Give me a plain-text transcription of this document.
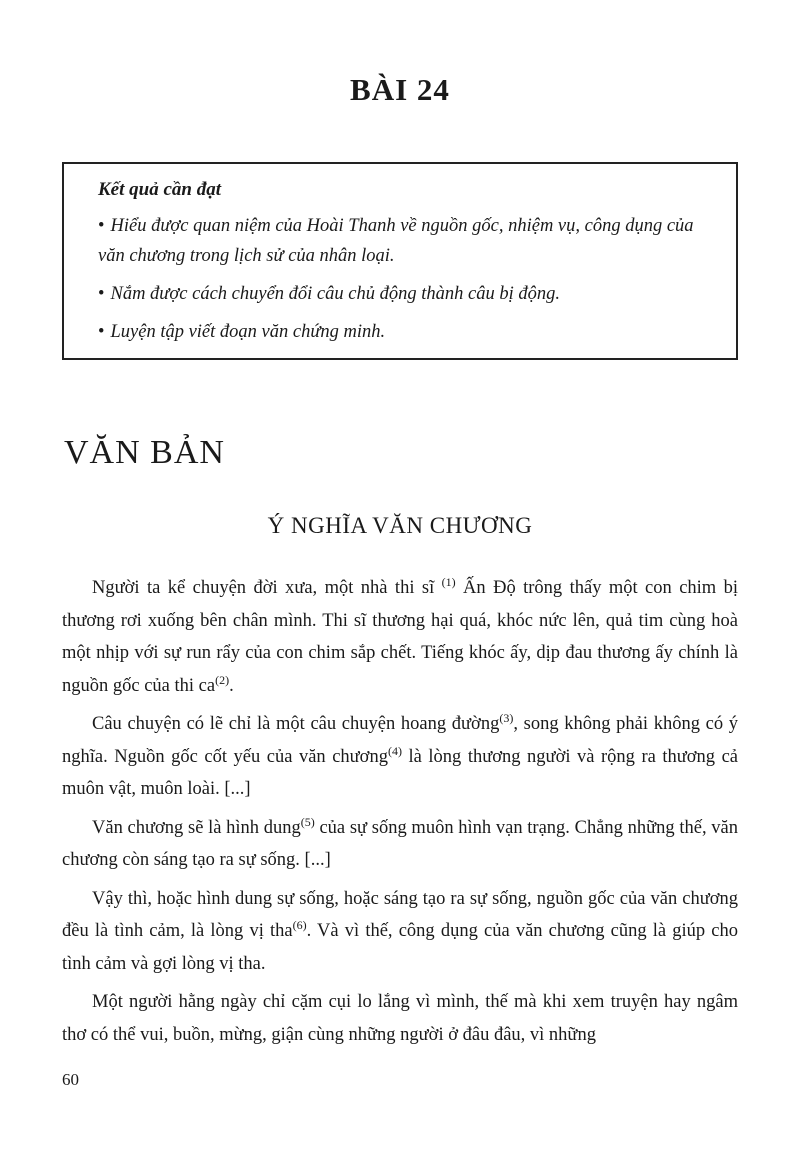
BÀI 24
Kết quả cần đạt
• Hiểu được quan niệm của Hoài Thanh về nguồn gốc, nhiệm vụ, công dụng của văn chương trong lịch sử của nhân loại.
• Nắm được cách chuyển đổi câu chủ động thành câu bị động.
• Luyện tập viết đoạn văn chứng minh.
VĂN BẢN
Ý NGHĨA VĂN CHƯƠNG

Người ta kể chuyện đời xưa, một nhà thi sĩ $^{(1)}$ Ấn Độ trông thấy một con chim bị thương rơi xuống bên chân mình. Thi sĩ thương hại quá, khóc nức lên, quả tim cùng hoà một nhịp với sự run rẩy của con chim sắp chết. Tiếng khóc ấy, dịp đau thương ấy chính là nguồn gốc của thi $ca^{(2)}$.

Câu chuyện có lẽ chỉ là một câu chuyện hoang đường$^{(3)}$, song không phải không có ý nghĩa. Nguồn gốc cốt yếu của văn chương$^{(4)}$ là lòng thương người và rộng ra thương cả muôn vật, muôn loài. [...]

Văn chương sẽ là hình dung$^{(5)}$ của sự sống muôn hình vạn trạng. Chẳng những thế, văn chương còn sáng tạo ra sự sống. [...]

Vậy thì, hoặc hình dung sự sống, hoặc sáng tạo ra sự sống, nguồn gốc của văn chương đều là tình cảm, là lòng vị tha$^{(6)}$. Và vì thế, công dụng của văn chương cũng là giúp cho tình cảm và gợi lòng vị tha.

Một người hằng ngày chỉ cặm cụi lo lắng vì mình, thế mà khi xem truyện hay ngâm thơ có thể vui, buồn, mừng, giận cùng những người ở đâu đâu, vì những

60
